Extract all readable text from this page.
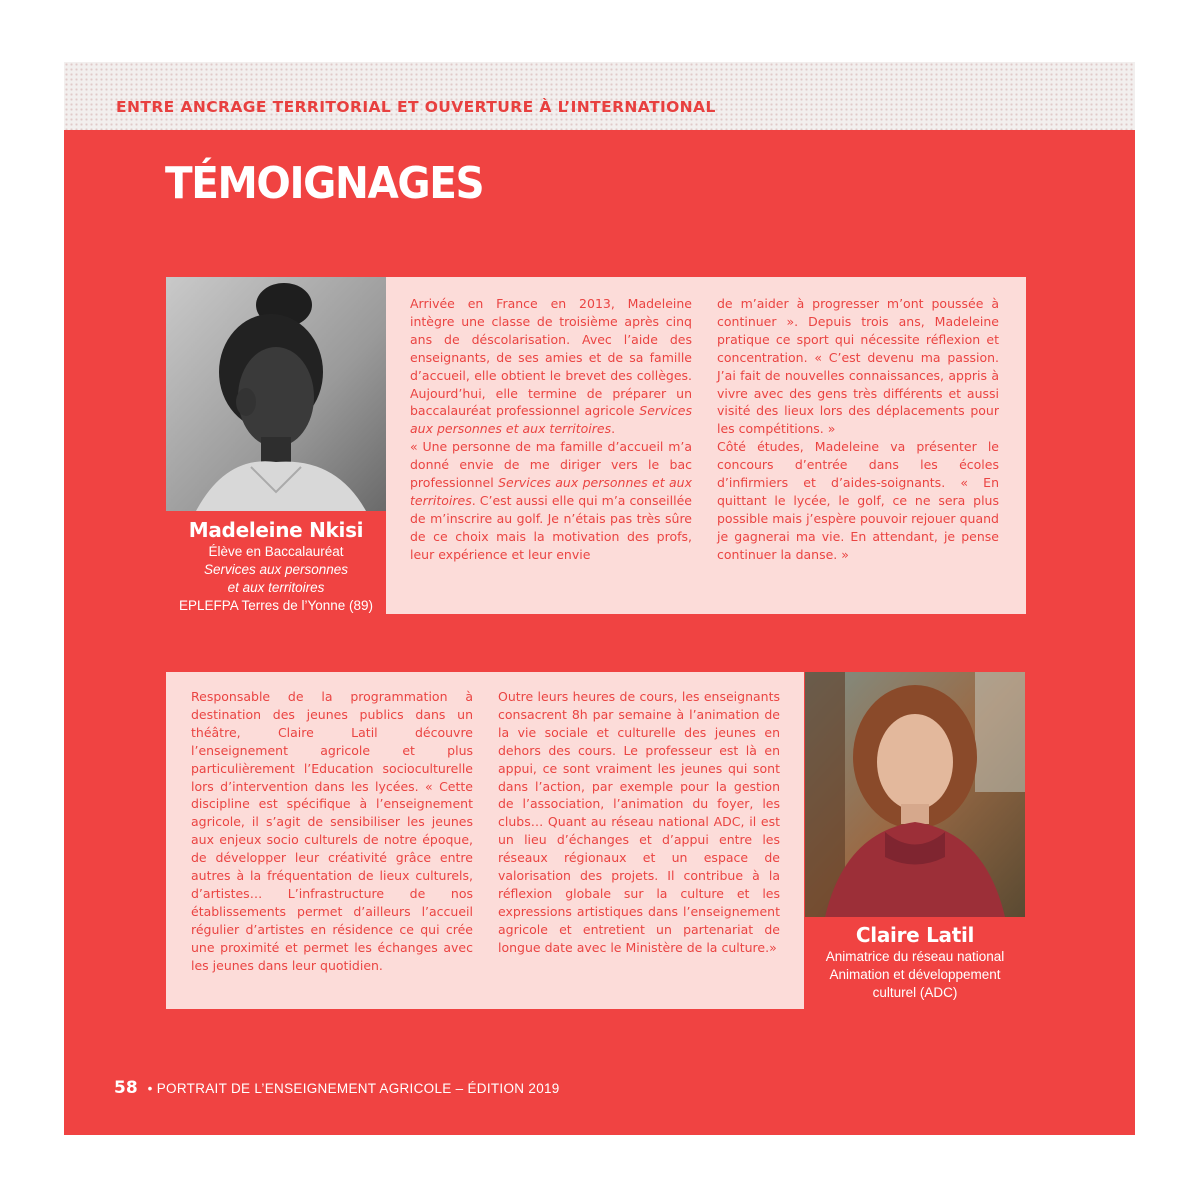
ENTRE ANCRAGE TERRITORIAL ET OUVERTURE À L’INTERNATIONAL
TÉMOIGNAGES
Madeleine Nkisi
Élève en Baccalauréat
Services aux personnes
et aux territoires
EPLEFPA Terres de l’Yonne (89)

Arrivée en France en 2013, Madeleine intègre une classe de troisième après cinq ans de déscolarisation. Avec l’aide des enseignants, de ses amies et de sa famille d’accueil, elle obtient le brevet des collèges. Aujourd’hui, elle termine de préparer un baccalauréat professionnel agricole Services aux personnes et aux territoires.

« Une personne de ma famille d’accueil m’a donné envie de me diriger vers le bac professionnel Services aux personnes et aux territoires. C’est aussi elle qui m’a conseillée de m’inscrire au golf. Je n’étais pas très sûre de ce choix mais la motivation des profs, leur expérience et leur envie

de m’aider à progresser m’ont poussée à continuer ». Depuis trois ans, Madeleine pratique ce sport qui nécessite réflexion et concentration. « C’est devenu ma passion. J’ai fait de nouvelles connaissances, appris à vivre avec des gens très différents et aussi visité des lieux lors des déplacements pour les compétitions. »

Côté études, Madeleine va présenter le concours d’entrée dans les écoles d’infirmiers et d’aides-soignants. « En quittant le lycée, le golf, ce ne sera plus possible mais j’espère pouvoir rejouer quand je gagnerai ma vie. En attendant, je pense continuer la danse. »

Responsable de la programmation à destination des jeunes publics dans un théâtre, Claire Latil découvre l’enseignement agricole et plus particulièrement l’Education socioculturelle lors d’intervention dans les lycées. « Cette discipline est spécifique à l’enseignement agricole, il s’agit de sensibiliser les jeunes aux enjeux socio culturels de notre époque, de développer leur créativité grâce entre autres à la fréquentation de lieux culturels, d’artistes… L’infrastructure de nos établissements permet d’ailleurs l’accueil régulier d’artistes en résidence ce qui crée une proximité et permet les échanges avec les jeunes dans leur quotidien.

Outre leurs heures de cours, les enseignants consacrent 8h par semaine à l’animation de la vie sociale et culturelle des jeunes en dehors des cours. Le professeur est là en appui, ce sont vraiment les jeunes qui sont dans l’action, par exemple pour la gestion de l’association, l’animation du foyer, les clubs… Quant au réseau national ADC, il est un lieu d’échanges et d’appui entre les réseaux régionaux et un espace de valorisation des projets. Il contribue à la réflexion globale sur la culture et les expressions artistiques dans l’enseignement agricole et entretient un partenariat de longue date avec le Ministère de la culture.»

Claire Latil
Animatrice du réseau national
Animation et développement
culturel (ADC)
58 • PORTRAIT DE L’ENSEIGNEMENT AGRICOLE – ÉDITION 2019
